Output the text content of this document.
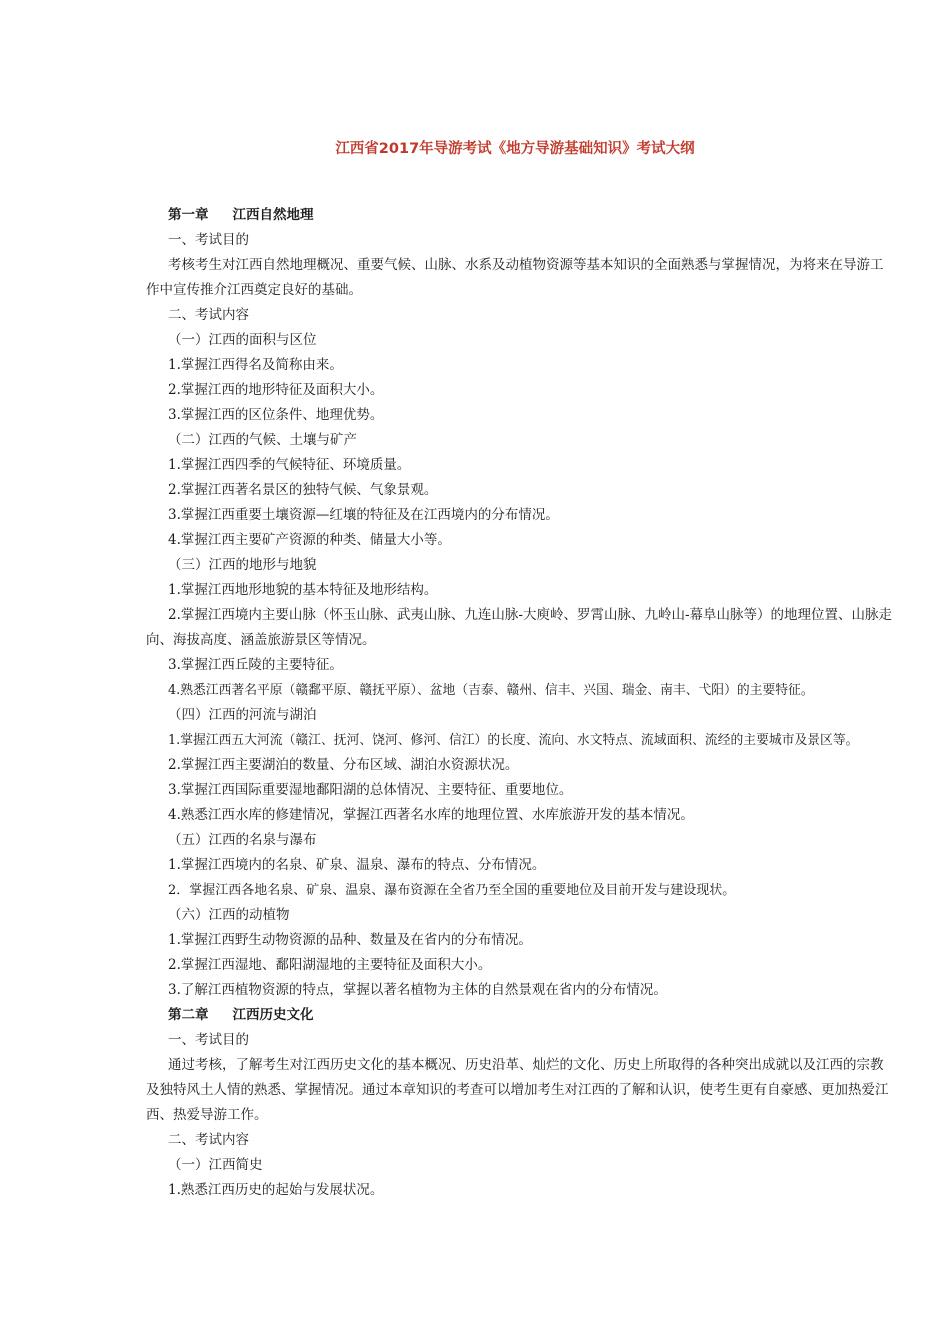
江西省2017年导游考试《地方导游基础知识》考试大纲

第一章 江西自然地理

一、考试目的

考核考生对江西自然地理概况、重要气候、山脉、水系及动植物资源等基本知识的全面熟悉与掌握情况，为将来在导游工作中宣传推介江西奠定良好的基础。

二、考试内容

（一）江西的面积与区位

1.掌握江西得名及简称由来。

2.掌握江西的地形特征及面积大小。

3.掌握江西的区位条件、地理优势。

（二）江西的气候、土壤与矿产

1.掌握江西四季的气候特征、环境质量。

2.掌握江西著名景区的独特气候、气象景观。

3.掌握江西重要土壤资源—红壤的特征及在江西境内的分布情况。

4.掌握江西主要矿产资源的种类、储量大小等。

（三）江西的地形与地貌

1.掌握江西地形地貌的基本特征及地形结构。

2.掌握江西境内主要山脉（怀玉山脉、武夷山脉、九连山脉-大庾岭、罗霄山脉、九岭山-幕阜山脉等）的地理位置、山脉走向、海拔高度、涵盖旅游景区等情况。

3.掌握江西丘陵的主要特征。

4.熟悉江西著名平原（赣鄱平原、赣抚平原）、盆地（吉泰、赣州、信丰、兴国、瑞金、南丰、弋阳）的主要特征。

（四）江西的河流与湖泊

1.掌握江西五大河流（赣江、抚河、饶河、修河、信江）的长度、流向、水文特点、流域面积、流经的主要城市及景区等。

2.掌握江西主要湖泊的数量、分布区域、湖泊水资源状况。

3.掌握江西国际重要湿地鄱阳湖的总体情况、主要特征、重要地位。

4.熟悉江西水库的修建情况，掌握江西著名水库的地理位置、水库旅游开发的基本情况。

（五）江西的名泉与瀑布

1.掌握江西境内的名泉、矿泉、温泉、瀑布的特点、分布情况。

2．掌握江西各地名泉、矿泉、温泉、瀑布资源在全省乃至全国的重要地位及目前开发与建设现状。

（六）江西的动植物

1.掌握江西野生动物资源的品种、数量及在省内的分布情况。

2.掌握江西湿地、鄱阳湖湿地的主要特征及面积大小。

3.了解江西植物资源的特点，掌握以著名植物为主体的自然景观在省内的分布情况。

第二章 江西历史文化

一、考试目的

通过考核，了解考生对江西历史文化的基本概况、历史沿革、灿烂的文化、历史上所取得的各种突出成就以及江西的宗教及独特风土人情的熟悉、掌握情况。通过本章知识的考查可以增加考生对江西的了解和认识，使考生更有自豪感、更加热爱江西、热爱导游工作。

二、考试内容

（一）江西简史

1.熟悉江西历史的起始与发展状况。
